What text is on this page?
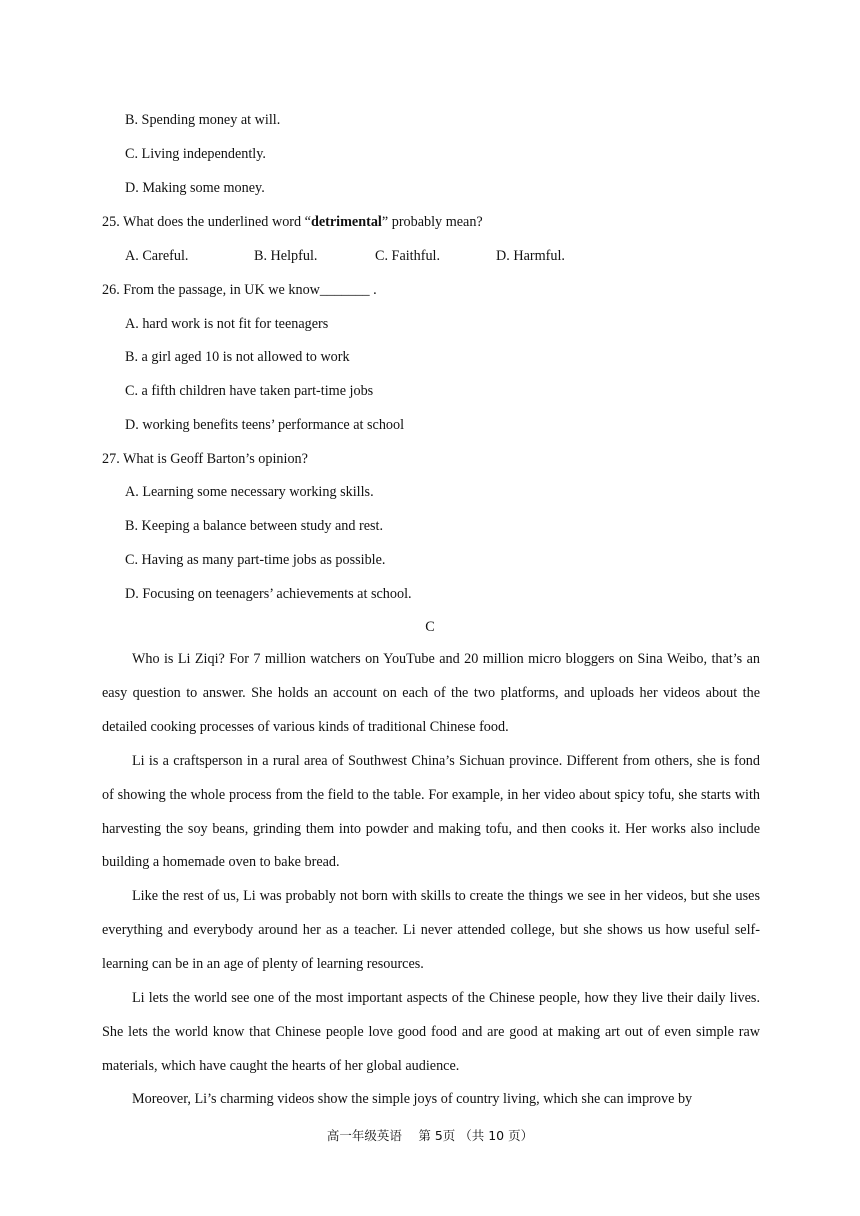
B. Spending money at will.
C. Living independently.
D. Making some money.
25. What does the underlined word “detrimental” probably mean?
A. Careful.	B. Helpful.	C. Faithful.	D. Harmful.
26. From the passage, in UK we know_______ .
A. hard work is not fit for teenagers
B. a girl aged 10 is not allowed to work
C. a fifth children have taken part-time jobs
D. working benefits teens’ performance at school
27. What is Geoff Barton’s opinion?
A. Learning some necessary working skills.
B. Keeping a balance between study and rest.
C. Having as many part-time jobs as possible.
D. Focusing on teenagers’ achievements at school.
C

Who is Li Ziqi? For 7 million watchers on YouTube and 20 million micro bloggers on Sina Weibo, that’s an easy question to answer. She holds an account on each of the two platforms, and uploads her videos about the detailed cooking processes of various kinds of traditional Chinese food.

Li is a craftsperson in a rural area of Southwest China’s Sichuan province. Different from others, she is fond of showing the whole process from the field to the table. For example, in her video about spicy tofu, she starts with harvesting the soy beans, grinding them into powder and making tofu, and then cooks it. Her works also include building a homemade oven to bake bread.

Like the rest of us, Li was probably not born with skills to create the things we see in her videos, but she uses everything and everybody around her as a teacher. Li never attended college, but she shows us how useful self-learning can be in an age of plenty of learning resources.

Li lets the world see one of the most important aspects of the Chinese people, how they live their daily lives. She lets the world know that Chinese people love good food and are good at making art out of even simple raw materials, which have caught the hearts of her global audience.

Moreover, Li’s charming videos show the simple joys of country living, which she can improve by

高一年级英语　 第 5页 （共 10 页）
